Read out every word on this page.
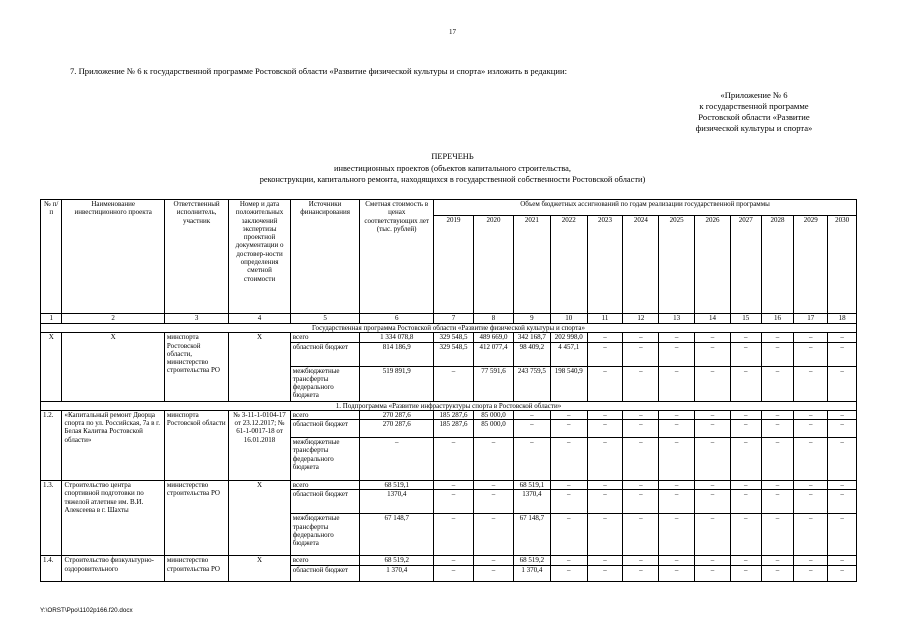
17
7. Приложение № 6 к государственной программе Ростовской области «Развитие физической культуры и спорта» изложить в редакции:
«Приложение № 6
к государственной программе
Ростовской области «Развитие
физической культуры и спорта»
ПЕРЕЧЕНЬ
инвестиционных проектов (объектов капитального строительства,
реконструкции, капитального ремонта, находящихся в государственной собственности Ростовской области)
№ п/п	Наименование инвестиционного проекта	Ответственный исполнитель, участник	Номер и дата положительных заключений экспертизы проектной документации о достовер-ности определения сметной стоимости	Источники финансирования	Сметная стоимость в ценах соответствующих лет (тыс. рублей)	Объем бюджетных ассигнований по годам реализации государственной программы											
						2019	2020	2021	2022	2023	2024	2025	2026	2027	2028	2029	2030
1	2	3	4	5	6	7	8	9	10	11	12	13	14	15	16	17	18
Государственная программа Ростовской области «Развитие физической культуры и спорта»																	
Х	Х	минспорта Ростовской области, министерство строительства РО	Х	всего	1 334 078,8	329 548,5	489 669,0	342 168,7	202 998,0	–	–	–	–	–	–	–	–
				областной бюджет	814 186,9	329 548,5	412 077,4	98 409,2	4 457,1	–	–	–	–	–	–	–	–
				межбюджетные трансферты федерального бюджета	519 891,9	–	77 591,6	243 759,5	198 540,9	–	–	–	–	–	–	–	–
1. Подпрограмма «Развитие инфраструктуры спорта в Ростовской области»																	
1.2.	«Капитальный ремонт Дворца спорта по ул. Российская, 7а в г. Белая Калитва Ростовской области»	минспорта Ростовской области	№ 3-11-1-0104-17 от 23.12.2017; № 61-1-0017-18 от 16.01.2018	всего	270 287,6	185 287,6	85 000,0	–	–	–	–	–	–	–	–	–	–
				областной бюджет	270 287,6	185 287,6	85 000,0	–	–	–	–	–	–	–	–	–	–
				межбюджетные трансферты федерального бюджета	–	–	–	–	–	–	–	–	–	–	–	–	–
1.3.	Строительство центра спортивной подготовки по тяжелой атлетике им. В.И. Алексеева в г. Шахты	министерство строительства РО	Х	всего	68 519,1	–	–	68 519,1	–	–	–	–	–	–	–	–	–
				областной бюджет	1370,4	–	–	1370,4	–	–	–	–	–	–	–	–	–
				межбюджетные трансферты федерального бюджета	67 148,7	–	–	67 148,7	–	–	–	–	–	–	–	–	–
1.4.	Строительство физкультурно-оздоровительного	министерство строительства РО	Х	всего	68 519,2	–	–	68 519,2	–	–	–	–	–	–	–	–	–
				областной бюджет	1 370,4	–	–	1 370,4	–	–	–	–	–	–	–	–	–
Y:\ORST\Ppo\1102p166.f20.docx
